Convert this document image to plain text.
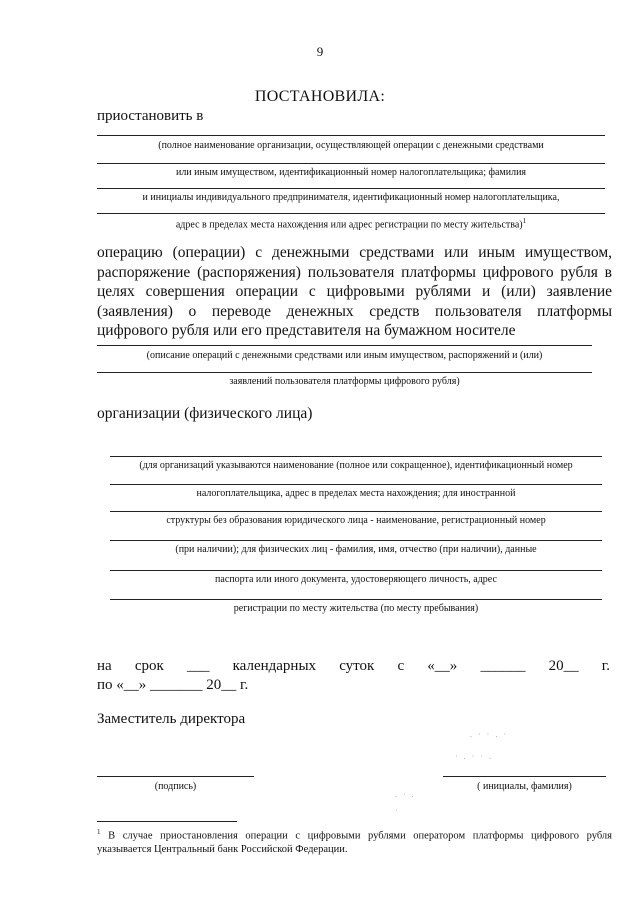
9
ПОСТАНОВИЛА:
приостановить в
(полное наименование организации, осуществляющей операции с денежными средствами
или иным имуществом, идентификационный номер налогоплательщика; фамилия
и инициалы индивидуального предпринимателя, идентификационный номер налогоплательщика,
адрес в пределах места нахождения или адрес регистрации по месту жительства)$^1$
операцию (операции) с денежными средствами или иным имуществом, распоряжение (распоряжения) пользователя платформы цифрового рубля в целях совершения операции с цифровыми рублями и (или) заявление (заявления) о переводе денежных средств пользователя платформы цифрового рубля или его представителя на бумажном носителе
(описание операций с денежными средствами или иным имуществом, распоряжений и (или)
заявлений пользователя платформы цифрового рубля)
организации (физического лица)
(для организаций указываются наименование (полное или сокращенное), идентификационный номер
налогоплательщика, адрес в пределах места нахождения; для иностранной
структуры без образования юридического лица - наименование, регистрационный номер
(при наличии); для физических лиц - фамилия, имя, отчество (при наличии), данные
паспорта или иного документа, удостоверяющего личность, адрес
регистрации по месту жительства (по месту пребывания)
на срок ___ календарных суток с «__» ______ 20__ г.
по «__» _______ 20__ г.
Заместитель директора
. · · . ·
· . · · .
. · .
·
(подпись)	( инициалы, фамилия)
$^1$ В случае приостановления операции с цифровыми рублями оператором платформы цифрового рубля указывается Центральный банк Российской Федерации.
